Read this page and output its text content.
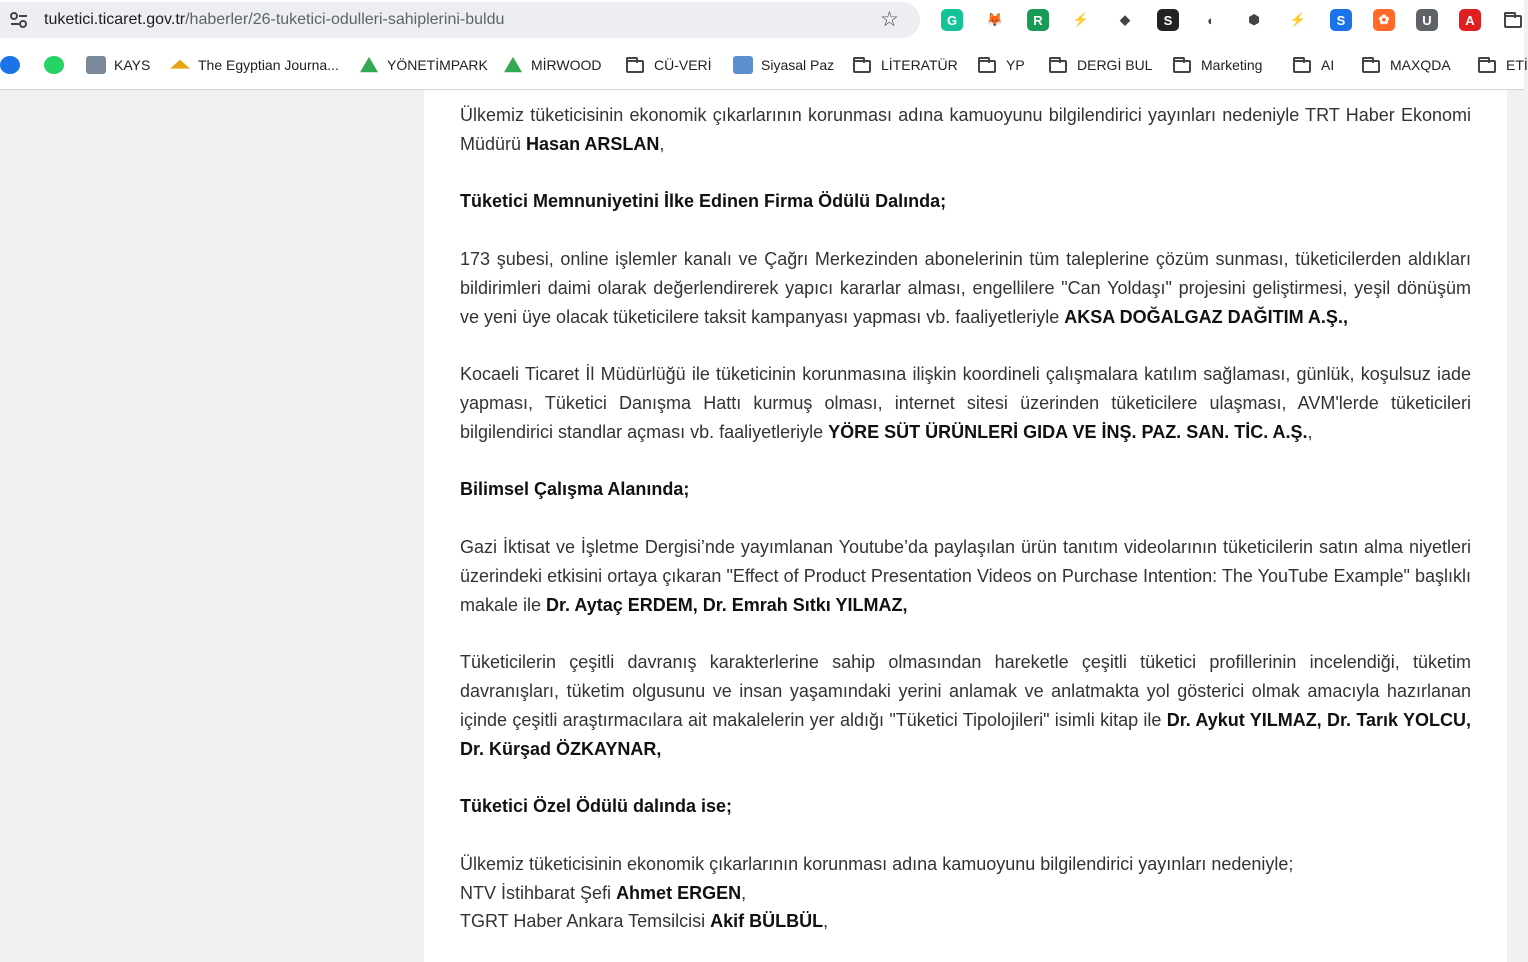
tuketici.ticaret.gov.tr/haberler/26-tuketici-odulleri-sahiplerini-buldu	☆	G	🦊	R	⚡	◆	S	◐	⬢	⚡	S	✿	U	A
KAYS	The Egyptian Journa...	YÖNETİMPARK	MİRWOOD	CÜ-VERİ	Siyasal Paz	LİTERATÜR	YP	DERGİ BUL	Marketing	AI	MAXQDA	ETİ

Ülkemiz tüketicisinin ekonomik çıkarlarının korunması adına kamuoyunu bilgilendirici yayınları nedeniyle TRT Haber Ekonomi Müdürü Hasan ARSLAN,

Tüketici Memnuniyetini İlke Edinen Firma Ödülü Dalında;

173 şubesi, online işlemler kanalı ve Çağrı Merkezinden abonelerinin tüm taleplerine çözüm sunması, tüketicilerden aldıkları bildirimleri daimi olarak değerlendirerek yapıcı kararlar alması, engellilere "Can Yoldaşı" projesini geliştirmesi, yeşil dönüşüm ve yeni üye olacak tüketicilere taksit kampanyası yapması vb. faaliyetleriyle AKSA DOĞALGAZ DAĞITIM A.Ş.,

Kocaeli Ticaret İl Müdürlüğü ile tüketicinin korunmasına ilişkin koordineli çalışmalara katılım sağlaması, günlük, koşulsuz iade yapması, Tüketici Danışma Hattı kurmuş olması, internet sitesi üzerinden tüketicilere ulaşması, AVM'lerde tüketicileri bilgilendirici standlar açması vb. faaliyetleriyle YÖRE SÜT ÜRÜNLERİ GIDA VE İNŞ. PAZ. SAN. TİC. A.Ş.,

Bilimsel Çalışma Alanında;

Gazi İktisat ve İşletme Dergisi’nde yayımlanan Youtube’da paylaşılan ürün tanıtım videolarının tüketicilerin satın alma niyetleri üzerindeki etkisini ortaya çıkaran "Effect of Product Presentation Videos on Purchase Intention: The YouTube Example" başlıklı makale ile Dr. Aytaç ERDEM, Dr. Emrah Sıtkı YILMAZ,

Tüketicilerin çeşitli davranış karakterlerine sahip olmasından hareketle çeşitli tüketici profillerinin incelendiği, tüketim davranışları, tüketim olgusunu ve insan yaşamındaki yerini anlamak ve anlatmakta yol gösterici olmak amacıyla hazırlanan içinde çeşitli araştırmacılara ait makalelerin yer aldığı "Tüketici Tipolojileri" isimli kitap ile Dr. Aykut YILMAZ, Dr. Tarık YOLCU, Dr. Kürşad ÖZKAYNAR,

Tüketici Özel Ödülü dalında ise;

Ülkemiz tüketicisinin ekonomik çıkarlarının korunması adına kamuoyunu bilgilendirici yayınları nedeniyle;

NTV İstihbarat Şefi Ahmet ERGEN,

TGRT Haber Ankara Temsilcisi Akif BÜLBÜL,
